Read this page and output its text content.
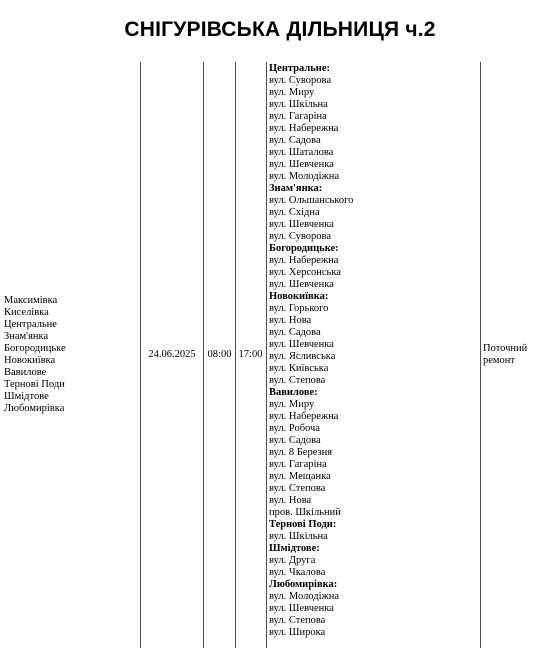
СНІГУРІВСЬКА ДІЛЬНИЦЯ ч.2
Максимівка
Киселівка
Центральне
Знам'янка
Богородицьке
Новокиївка
Вавилове
Тернові Поди
Шмідтове
Любомирівка
24.06.2025 08:00 17:00
Центральне:
вул. Суворова
вул. Миру
вул. Шкільна
вул. Гагаріна
вул. Набережна
вул. Садова
вул. Шаталова
вул. Шевченка
вул. Молодіжна
Знам'янка:
вул. Ольшанського
вул. Східна
вул. Шевченка
вул. Суворова
Богородицьке:
вул. Набережна
вул. Херсонська
вул. Шевченка
Новокиївка:
вул. Горького
вул. Нова
вул. Садова
вул. Шевченка
вул. Ясливська
вул. Київська
вул. Степова
Вавилове:
вул. Миру
вул. Набережна
вул. Робоча
вул. Садова
вул. 8 Березня
вул. Гагаріна
вул. Мещанка
вул. Степова
вул. Нова
пров. Шкільний
Тернові Поди:
вул. Шкільна
Шмідтове:
вул. Друга
вул. Чкалова
Любомирівка:
вул. Молодіжна
вул. Шевченка
вул. Степова
вул. Широка
Поточний
ремонт
